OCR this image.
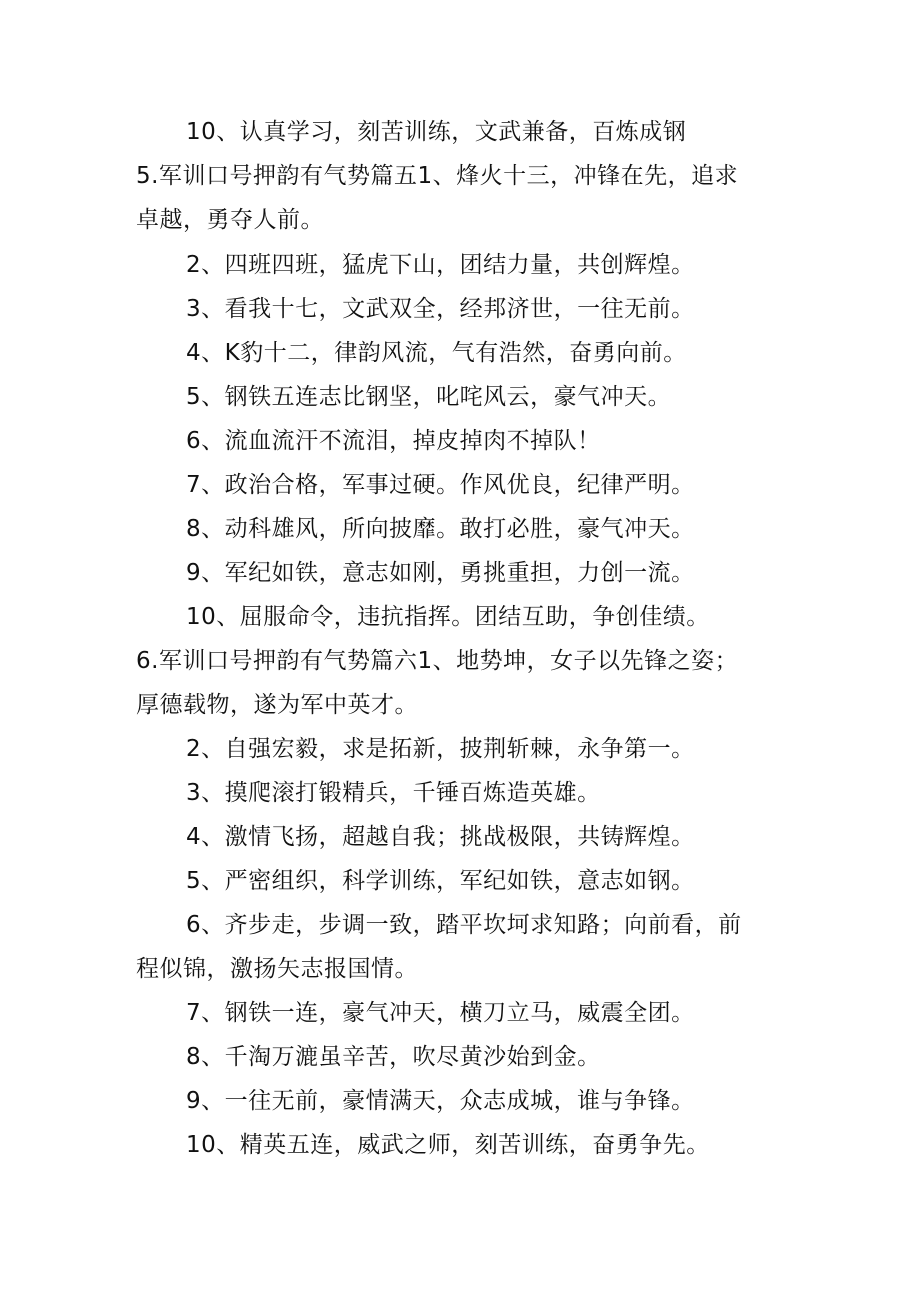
10、认真学习，刻苦训练，文武兼备，百炼成钢
5.军训口号押韵有气势篇五1、烽火十三，冲锋在先，追求
卓越，勇夺人前。
2、四班四班，猛虎下山，团结力量，共创辉煌。
3、看我十七，文武双全，经邦济世，一往无前。
4、K豹十二，律韵风流，气有浩然，奋勇向前。
5、钢铁五连志比钢坚，叱咤风云，豪气冲天。
6、流血流汗不流泪，掉皮掉肉不掉队！
7、政治合格，军事过硬。作风优良，纪律严明。
8、动科雄风，所向披靡。敢打必胜，豪气冲天。
9、军纪如铁，意志如刚，勇挑重担，力创一流。
10、屈服命令，违抗指挥。团结互助，争创佳绩。
6.军训口号押韵有气势篇六1、地势坤，女子以先锋之姿；
厚德载物，遂为军中英才。
2、自强宏毅，求是拓新，披荆斩棘，永争第一。
3、摸爬滚打锻精兵，千锤百炼造英雄。
4、激情飞扬，超越自我；挑战极限，共铸辉煌。
5、严密组织，科学训练，军纪如铁，意志如钢。
6、齐步走，步调一致，踏平坎坷求知路；向前看，前
程似锦，激扬矢志报国情。
7、钢铁一连，豪气冲天，横刀立马，威震全团。
8、千淘万漉虽辛苦，吹尽黄沙始到金。
9、一往无前，豪情满天，众志成城，谁与争锋。
10、精英五连，威武之师，刻苦训练，奋勇争先。
